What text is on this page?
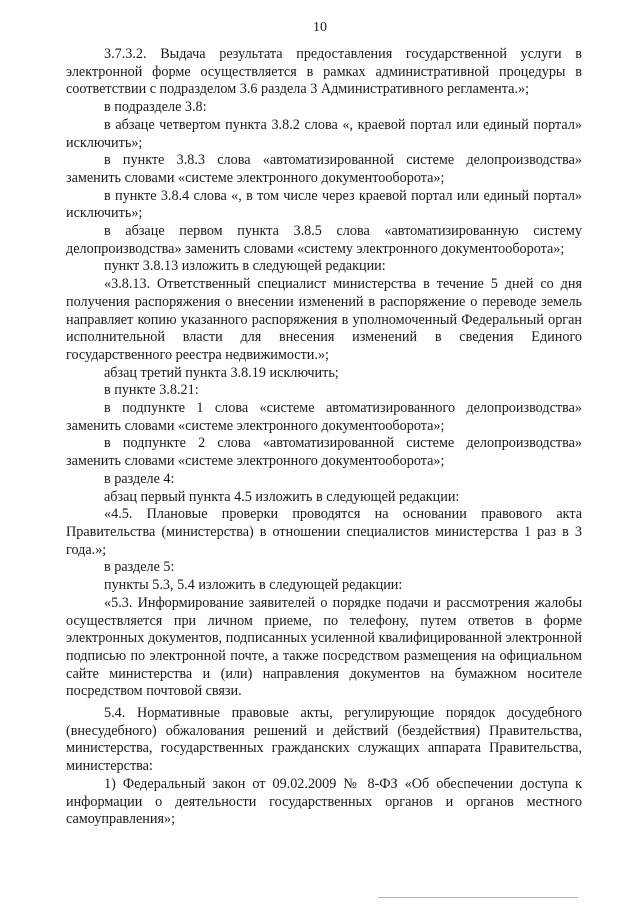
10

3.7.3.2. Выдача результата предоставления государственной услуги в электронной форме осуществляется в рамках административной процедуры в соответствии с подразделом 3.6 раздела 3 Административного регламента.»;

в подразделе 3.8:

в абзаце четвертом пункта 3.8.2 слова «, краевой портал или единый портал» исключить»;

в пункте 3.8.3 слова «автоматизированной системе делопроизводства» заменить словами «системе электронного документооборота»;

в пункте 3.8.4 слова «, в том числе через краевой портал или единый портал» исключить»;

в абзаце первом пункта 3.8.5 слова «автоматизированную систему делопроизводства» заменить словами «систему электронного документооборота»;

пункт 3.8.13 изложить в следующей редакции:

«3.8.13. Ответственный специалист министерства в течение 5 дней со дня получения распоряжения о внесении изменений в распоряжение о переводе земель направляет копию указанного распоряжения в уполномоченный Федеральный орган исполнительной власти для внесения изменений в сведения Единого государственного реестра недвижимости.»;

абзац третий пункта 3.8.19 исключить;

в пункте 3.8.21:

в подпункте 1 слова «системе автоматизированного делопроизводства» заменить словами «системе электронного документооборота»;

в подпункте 2 слова «автоматизированной системе делопроизводства» заменить словами «системе электронного документооборота»;

в разделе 4:

абзац первый пункта 4.5 изложить в следующей редакции:

«4.5. Плановые проверки проводятся на основании правового акта Правительства (министерства) в отношении специалистов министерства 1 раз в 3 года.»;

в разделе 5:

пункты 5.3, 5.4 изложить в следующей редакции:

«5.3. Информирование заявителей о порядке подачи и рассмотрения жалобы осуществляется при личном приеме, по телефону, путем ответов в форме электронных документов, подписанных усиленной квалифицированной электронной подписью по электронной почте, а также посредством размещения на официальном сайте министерства и (или) направления документов на бумажном носителе посредством почтовой связи.

5.4. Нормативные правовые акты, регулирующие порядок досудебного (внесудебного) обжалования решений и действий (бездействия) Правительства, министерства, государственных гражданских служащих аппарата Правительства, министерства:

1) Федеральный закон от 09.02.2009 № 8-ФЗ «Об обеспечении доступа к информации о деятельности государственных органов и органов местного самоуправления»;
